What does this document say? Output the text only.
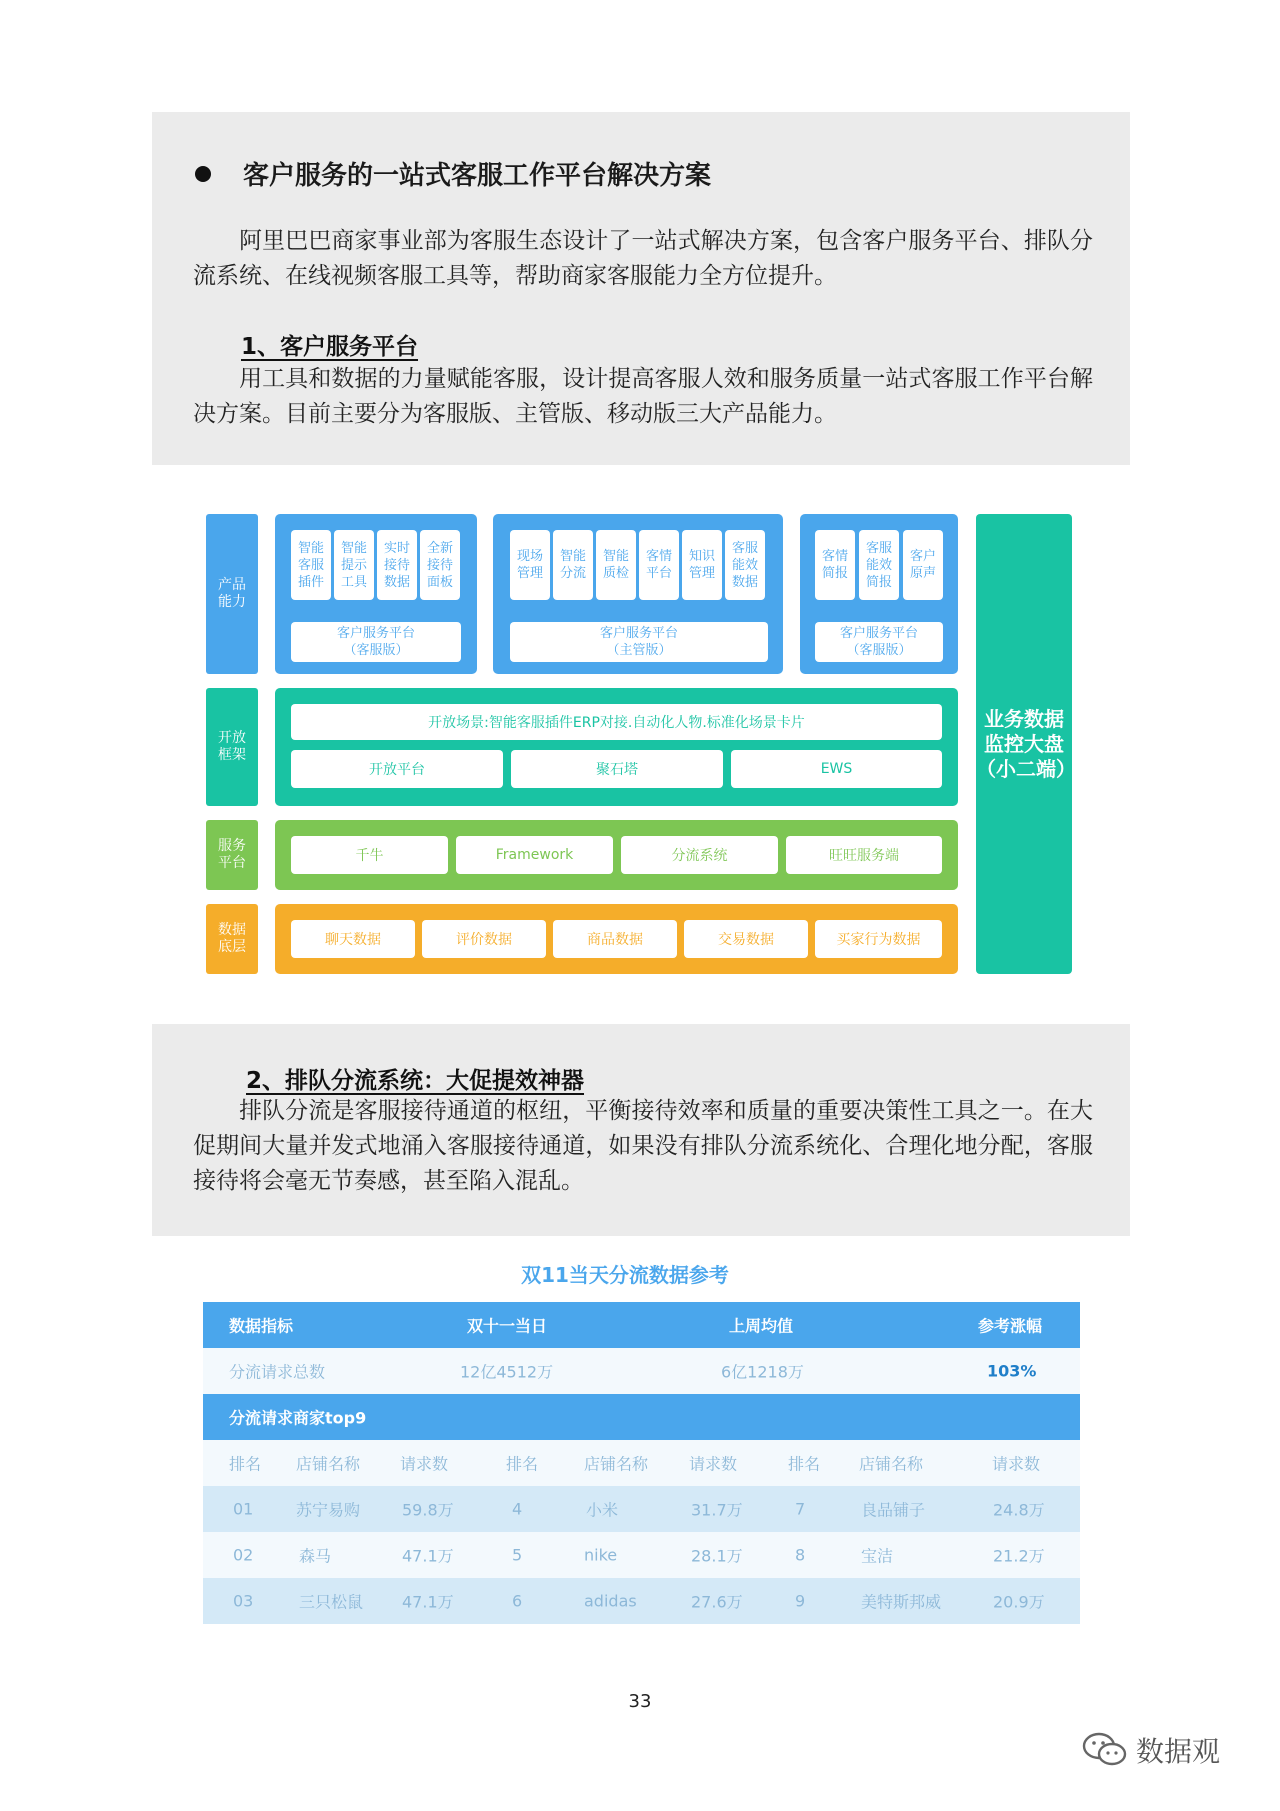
客户服务的一站式客服工作平台解决方案
阿里巴巴商家事业部为客服生态设计了一站式解决方案，包含客户服务平台、排队分流系统、在线视频客服工具等，帮助商家客服能力全方位提升。
1、客户服务平台
用工具和数据的力量赋能客服，设计提高客服人效和服务质量一站式客服工作平台解决方案。目前主要分为客服版、主管版、移动版三大产品能力。
产品能力
开放框架
服务平台
数据底层
智能客服插件
智能提示工具
实时接待数据
全新接待面板
客户服务平台
（客服版）
现场管理
智能分流
智能质检
客情平台
知识管理
客服能效数据
客户服务平台
（主管版）
客情简报
客服能效简报
客户原声
客户服务平台
（客服版）
开放场景:智能客服插件ERP对接.自动化人物.标准化场景卡片
开放平台	聚石塔	EWS
千牛	Framework	分流系统	旺旺服务端
聊天数据	评价数据	商品数据	交易数据	买家行为数据
业务数据
监控大盘
（小二端）
2、排队分流系统：大促提效神器
排队分流是客服接待通道的枢纽，平衡接待效率和质量的重要决策性工具之一。在大促期间大量并发式地涌入客服接待通道，如果没有排队分流系统化、合理化地分配，客服接待将会毫无节奏感，甚至陷入混乱。
双11当天分流数据参考
数据指标	双十一当日	上周均值	参考涨幅
分流请求总数	12亿4512万	6亿1218万	103%
分流请求商家top9
排名 店铺名称 请求数	排名	店铺名称	请求数	排名 店铺名称	请求数
01	苏宁易购	59.8万	4	小米	31.7万	7	良品铺子	24.8万
02	森马	47.1万	5	nike	28.1万	8	宝洁	21.2万
03	三只松鼠 47.1万	6	adidas	27.6万	9	美特斯邦威	20.9万
33
数据观
